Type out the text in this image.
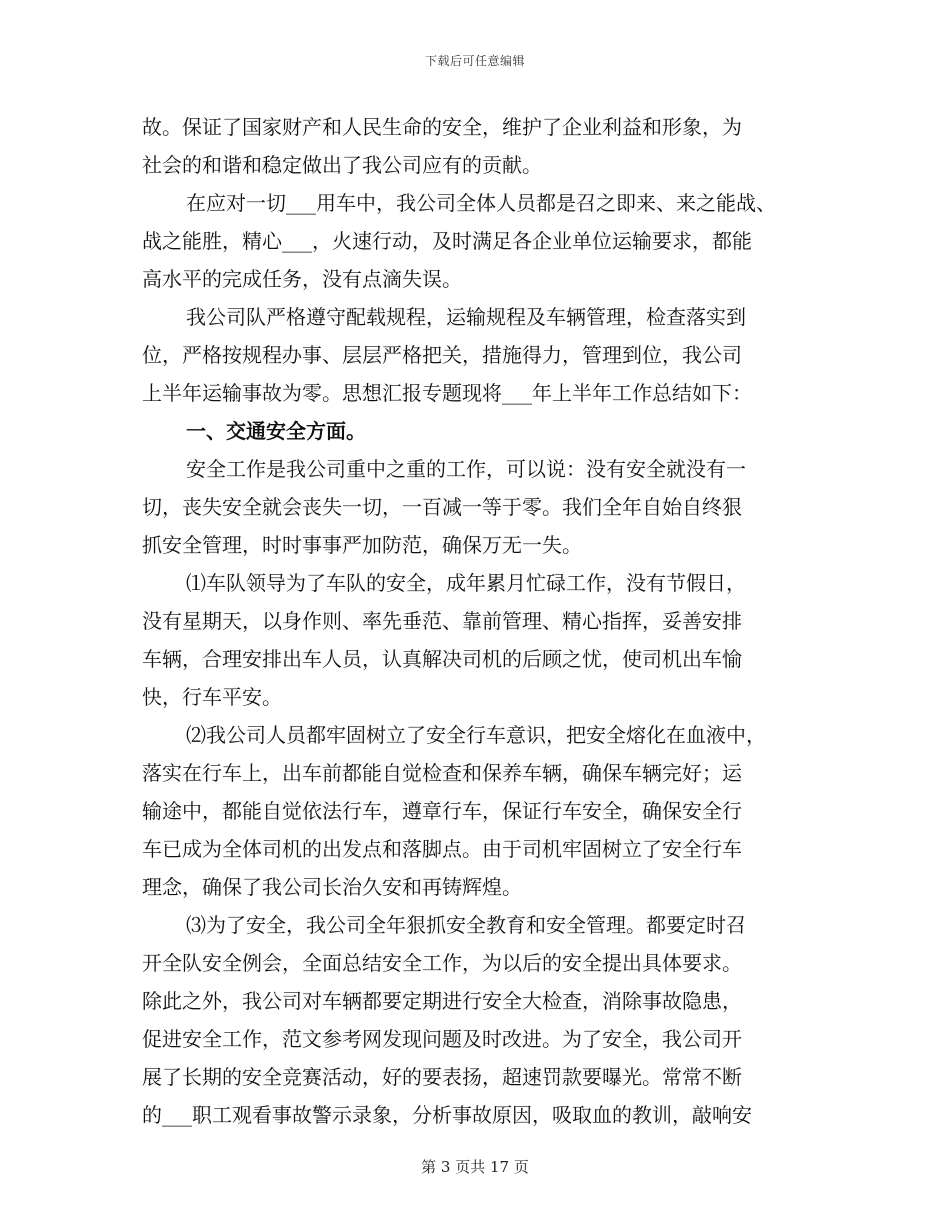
下载后可任意编辑
故。保证了国家财产和人民生命的安全，维护了企业利益和形象，为
社会的和谐和稳定做出了我公司应有的贡献。
在应对一切___用车中，我公司全体人员都是召之即来、来之能战、
战之能胜，精心___，火速行动，及时满足各企业单位运输要求，都能
高水平的完成任务，没有点滴失误。
我公司队严格遵守配载规程，运输规程及车辆管理，检查落实到
位，严格按规程办事、层层严格把关，措施得力，管理到位，我公司
上半年运输事故为零。思想汇报专题现将___年上半年工作总结如下：
一、交通安全方面。
安全工作是我公司重中之重的工作，可以说：没有安全就没有一
切，丧失安全就会丧失一切，一百减一等于零。我们全年自始自终狠
抓安全管理，时时事事严加防范，确保万无一失。
⑴车队领导为了车队的安全，成年累月忙碌工作，没有节假日，
没有星期天，以身作则、率先垂范、靠前管理、精心指挥，妥善安排
车辆，合理安排出车人员，认真解决司机的后顾之忧，使司机出车愉
快，行车平安。
⑵我公司人员都牢固树立了安全行车意识，把安全熔化在血液中，
落实在行车上，出车前都能自觉检查和保养车辆，确保车辆完好；运
输途中，都能自觉依法行车，遵章行车，保证行车安全，确保安全行
车已成为全体司机的出发点和落脚点。由于司机牢固树立了安全行车
理念，确保了我公司长治久安和再铸辉煌。
⑶为了安全，我公司全年狠抓安全教育和安全管理。都要定时召
开全队安全例会，全面总结安全工作，为以后的安全提出具体要求。
除此之外，我公司对车辆都要定期进行安全大检查，消除事故隐患，
促进安全工作，范文参考网发现问题及时改进。为了安全，我公司开
展了长期的安全竞赛活动，好的要表扬，超速罚款要曝光。常常不断
的___职工观看事故警示录象，分析事故原因，吸取血的教训，敲响安
第 3 页共 17 页
